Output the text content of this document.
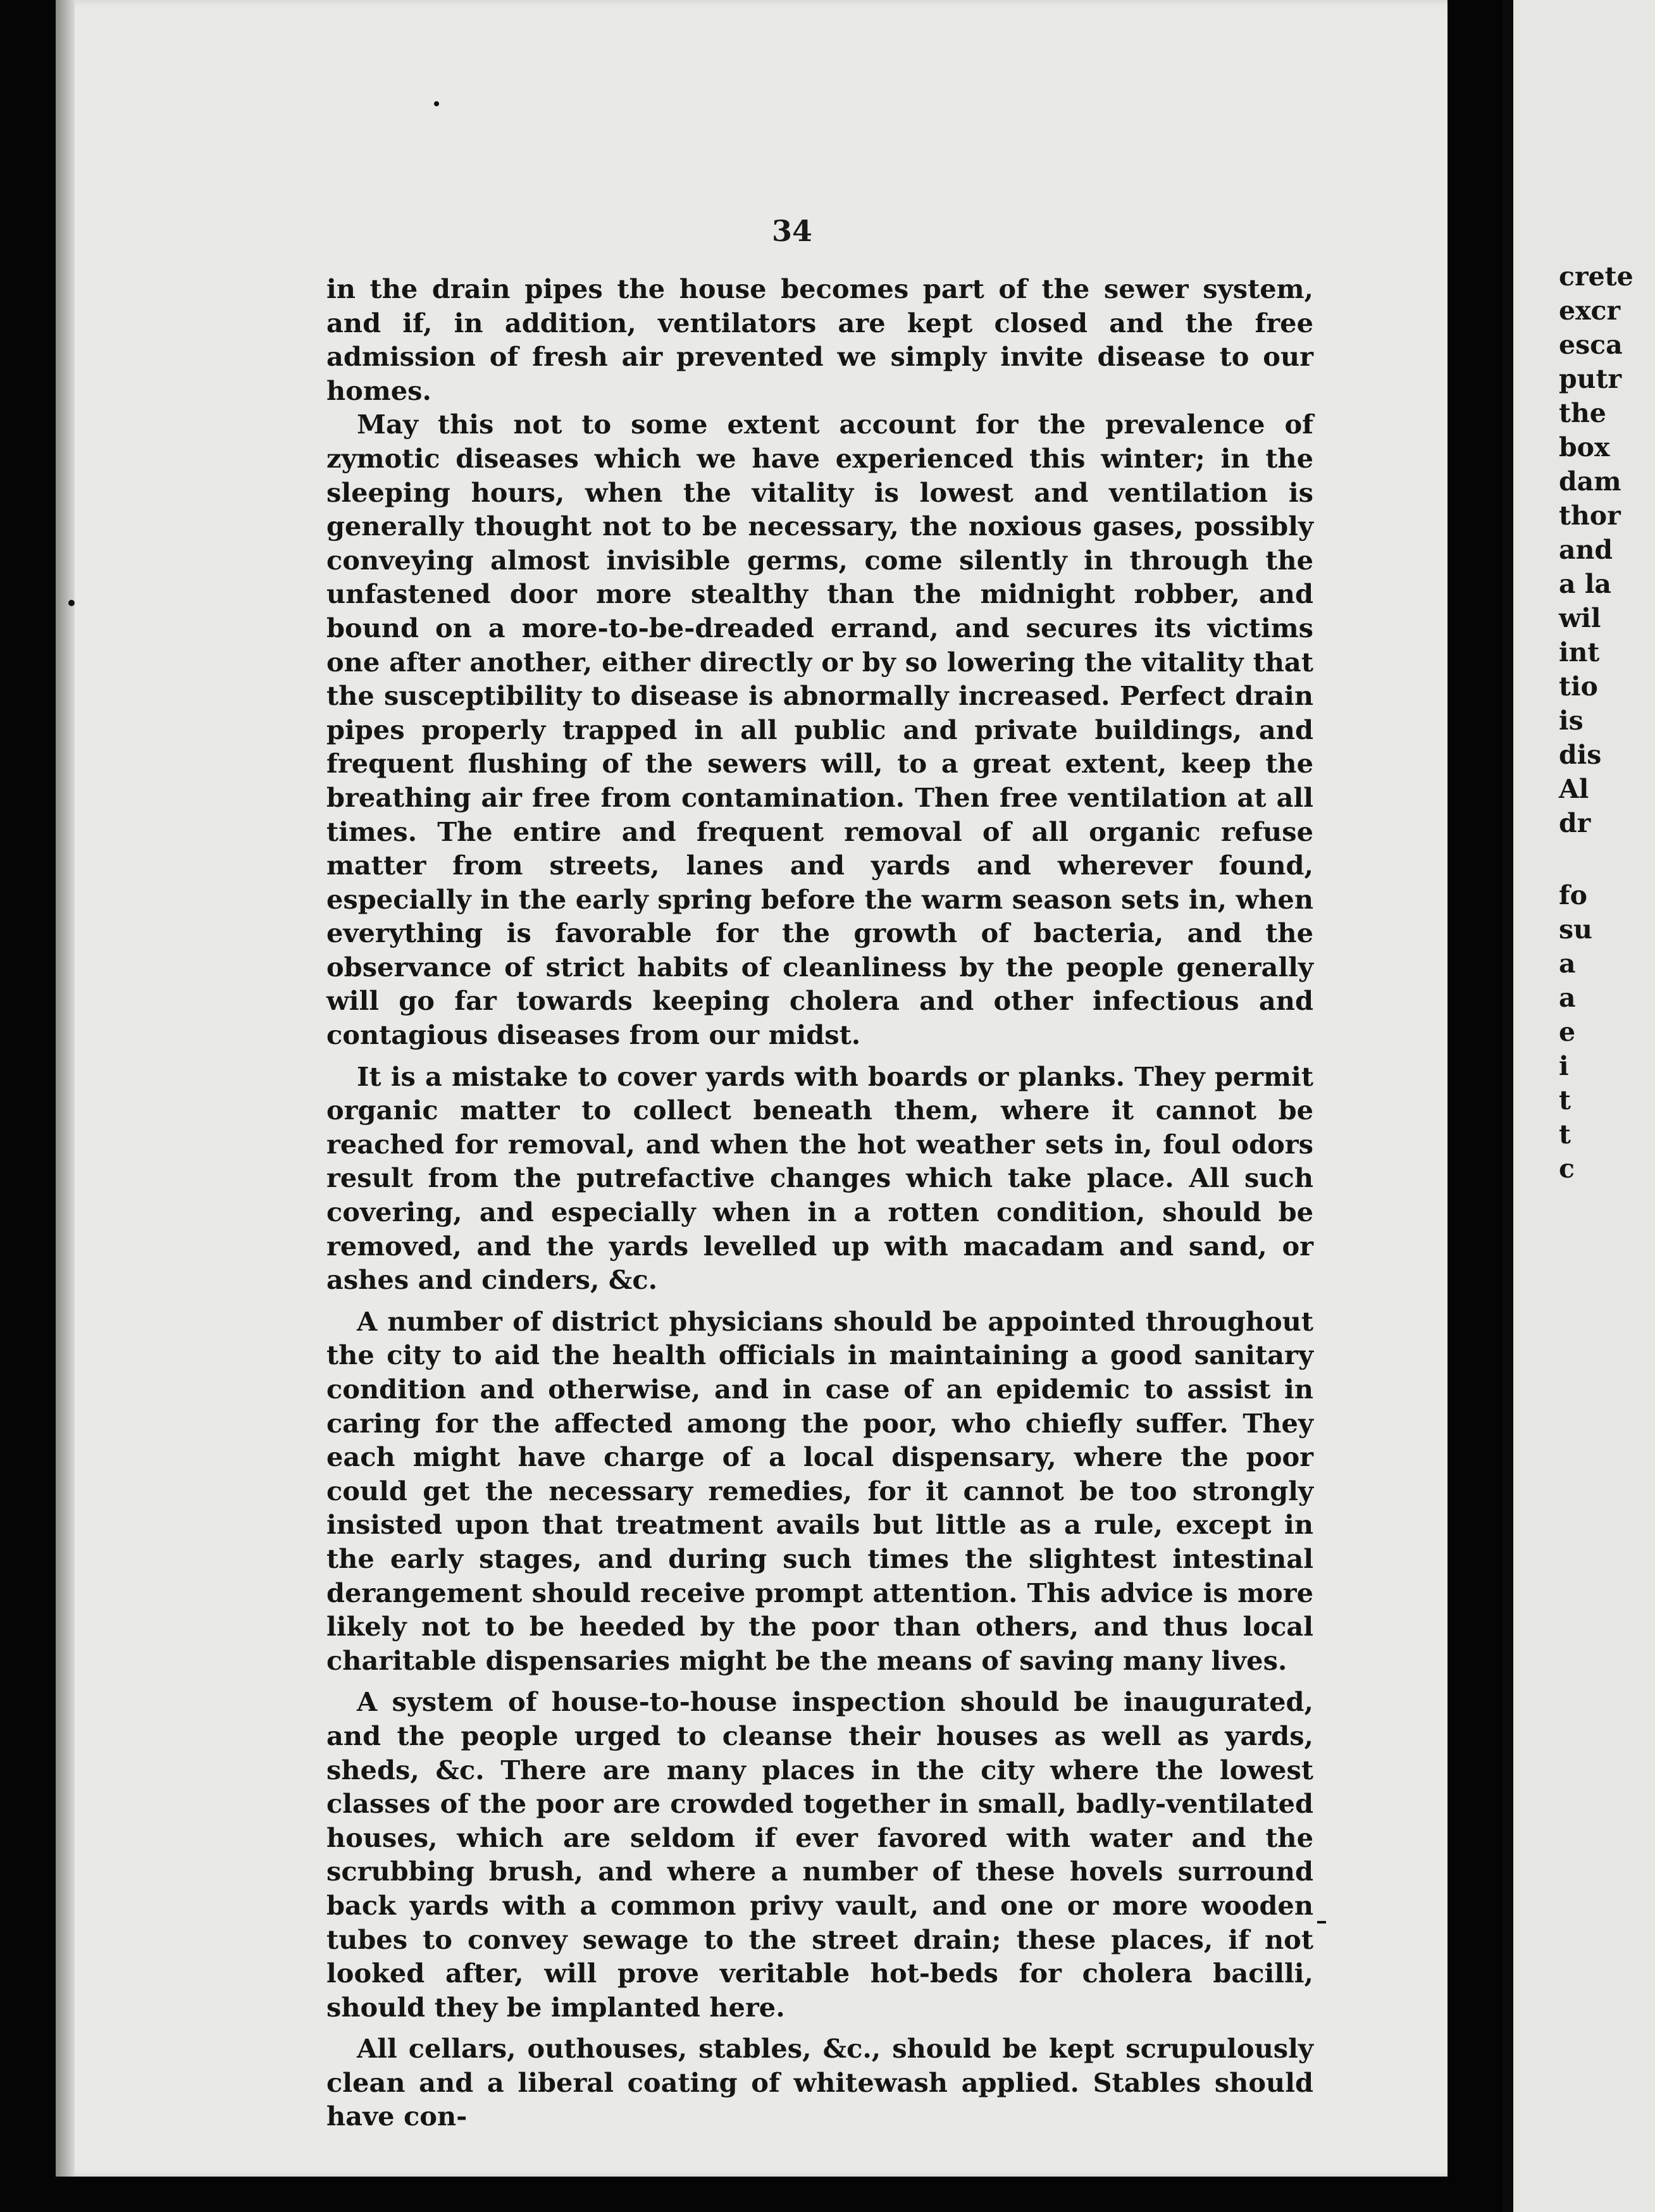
34

in the drain pipes the house becomes part of the sewer system, and if, in addition, ventilators are kept closed and the free admission of fresh air prevented we simply invite disease to our homes.

May this not to some extent account for the prevalence of zymotic diseases which we have experienced this winter; in the sleeping hours, when the vitality is lowest and ventilation is generally thought not to be necessary, the noxious gases, possibly conveying almost invisible germs, come silently in through the unfastened door more stealthy than the midnight robber, and bound on a more-to-be-dreaded errand, and secures its victims one after another, either directly or by so lowering the vitality that the susceptibility to disease is abnormally increased. Perfect drain pipes properly trapped in all public and private buildings, and frequent flushing of the sewers will, to a great extent, keep the breathing air free from contamination. Then free ventilation at all times. The entire and frequent removal of all organic refuse matter from streets, lanes and yards and wherever found, especially in the early spring before the warm season sets in, when everything is favorable for the growth of bacteria, and the observance of strict habits of cleanliness by the people generally will go far towards keeping cholera and other infectious and contagious diseases from our midst.

It is a mistake to cover yards with boards or planks. They permit organic matter to collect beneath them, where it cannot be reached for removal, and when the hot weather sets in, foul odors result from the putrefactive changes which take place. All such covering, and especially when in a rotten condition, should be removed, and the yards levelled up with macadam and sand, or ashes and cinders, &c.

A number of district physicians should be appointed throughout the city to aid the health officials in maintaining a good sanitary condition and otherwise, and in case of an epidemic to assist in caring for the affected among the poor, who chiefly suffer. They each might have charge of a local dispensary, where the poor could get the necessary remedies, for it cannot be too strongly insisted upon that treatment avails but little as a rule, except in the early stages, and during such times the slightest intestinal derangement should receive prompt attention. This advice is more likely not to be heeded by the poor than others, and thus local charitable dispensaries might be the means of saving many lives.

A system of house-to-house inspection should be inaugurated, and the people urged to cleanse their houses as well as yards, sheds, &c. There are many places in the city where the lowest classes of the poor are crowded together in small, badly-ventilated houses, which are seldom if ever favored with water and the scrubbing brush, and where a number of these hovels surround back yards with a common privy vault, and one or more wooden tubes to convey sewage to the street drain; these places, if not looked after, will prove veritable hot-beds for cholera bacilli, should they be implanted here.

All cellars, outhouses, stables, &c., should be kept scrupulously clean and a liberal coating of whitewash applied. Stables should have con-

crete
excr
esca
putr
the
box
dam
thor
and
a la
wil
int
tio
is
dis
Al
dr
fo
su
a
a
e
i
t
t
c
